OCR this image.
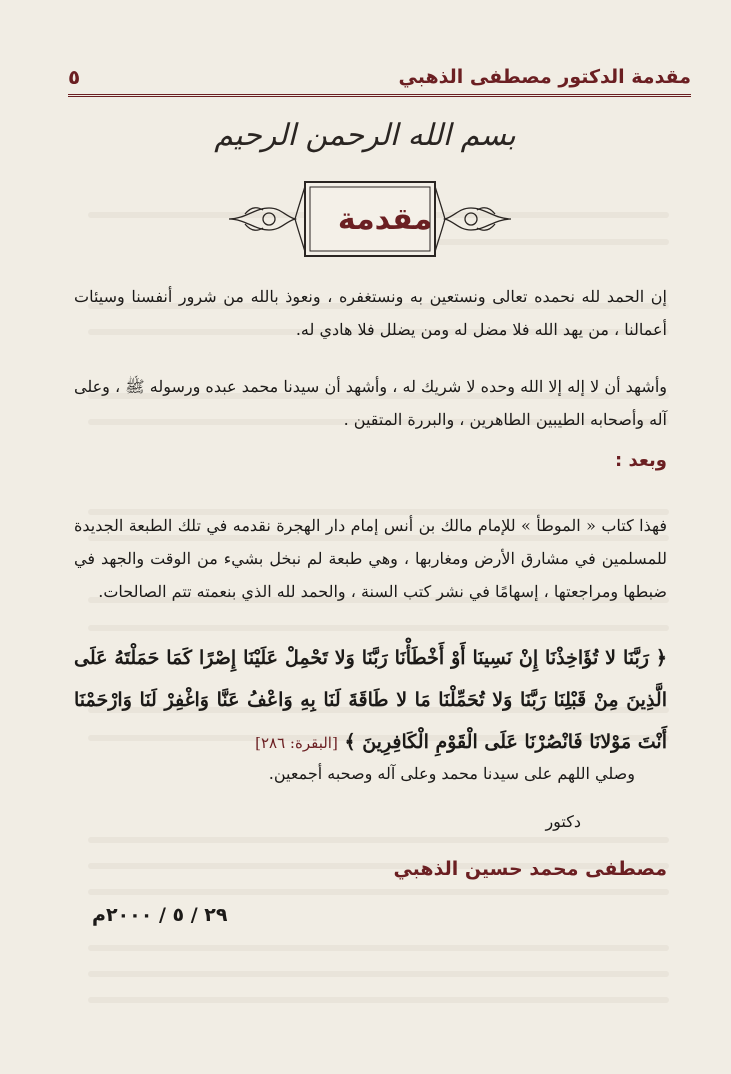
مقدمة الدكتور مصطفى الذهبي
٥
بسم الله الرحمن الرحيم
مقدمة

إن الحمد لله نحمده تعالى ونستعين به ونستغفره ، ونعوذ بالله من شرور أنفسنا وسيئات أعمالنا ، من يهد الله فلا مضل له ومن يضلل فلا هادي له.

وأشهد أن لا إله إلا الله وحده لا شريك له ، وأشهد أن سيدنا محمد عبده ورسوله ﷺ ، وعلى آله وأصحابه الطيبين الطاهرين ، والبررة المتقين .

وبعد :

فهذا كتاب « الموطأ » للإمام مالك بن أنس إمام دار الهجرة نقدمه في تلك الطبعة الجديدة للمسلمين في مشارق الأرض ومغاربها ، وهي طبعة لم نبخل بشيء من الوقت والجهد في ضبطها ومراجعتها ، إسهامًا في نشر كتب السنة ، والحمد لله الذي بنعمته تتم الصالحات.

﴿ رَبَّنَا لا تُؤَاخِذْنَا إِنْ نَسِينَا أَوْ أَخْطَأْنَا رَبَّنَا وَلا تَحْمِلْ عَلَيْنَا إِصْرًا كَمَا حَمَلْتَهُ عَلَى الَّذِينَ مِنْ قَبْلِنَا رَبَّنَا وَلا تُحَمِّلْنَا مَا لا طَاقَةَ لَنَا بِهِ وَاعْفُ عَنَّا وَاغْفِرْ لَنَا وَارْحَمْنَا أَنْتَ مَوْلانَا فَانْصُرْنَا عَلَى الْقَوْمِ الْكَافِرِينَ ﴾ [البقرة: ٢٨٦]

وصلي اللهم على سيدنا محمد وعلى آله وصحبه أجمعين.
دكتور
مصطفى محمد حسين الذهبي
٢٩ / ٥ / ٢٠٠٠م
